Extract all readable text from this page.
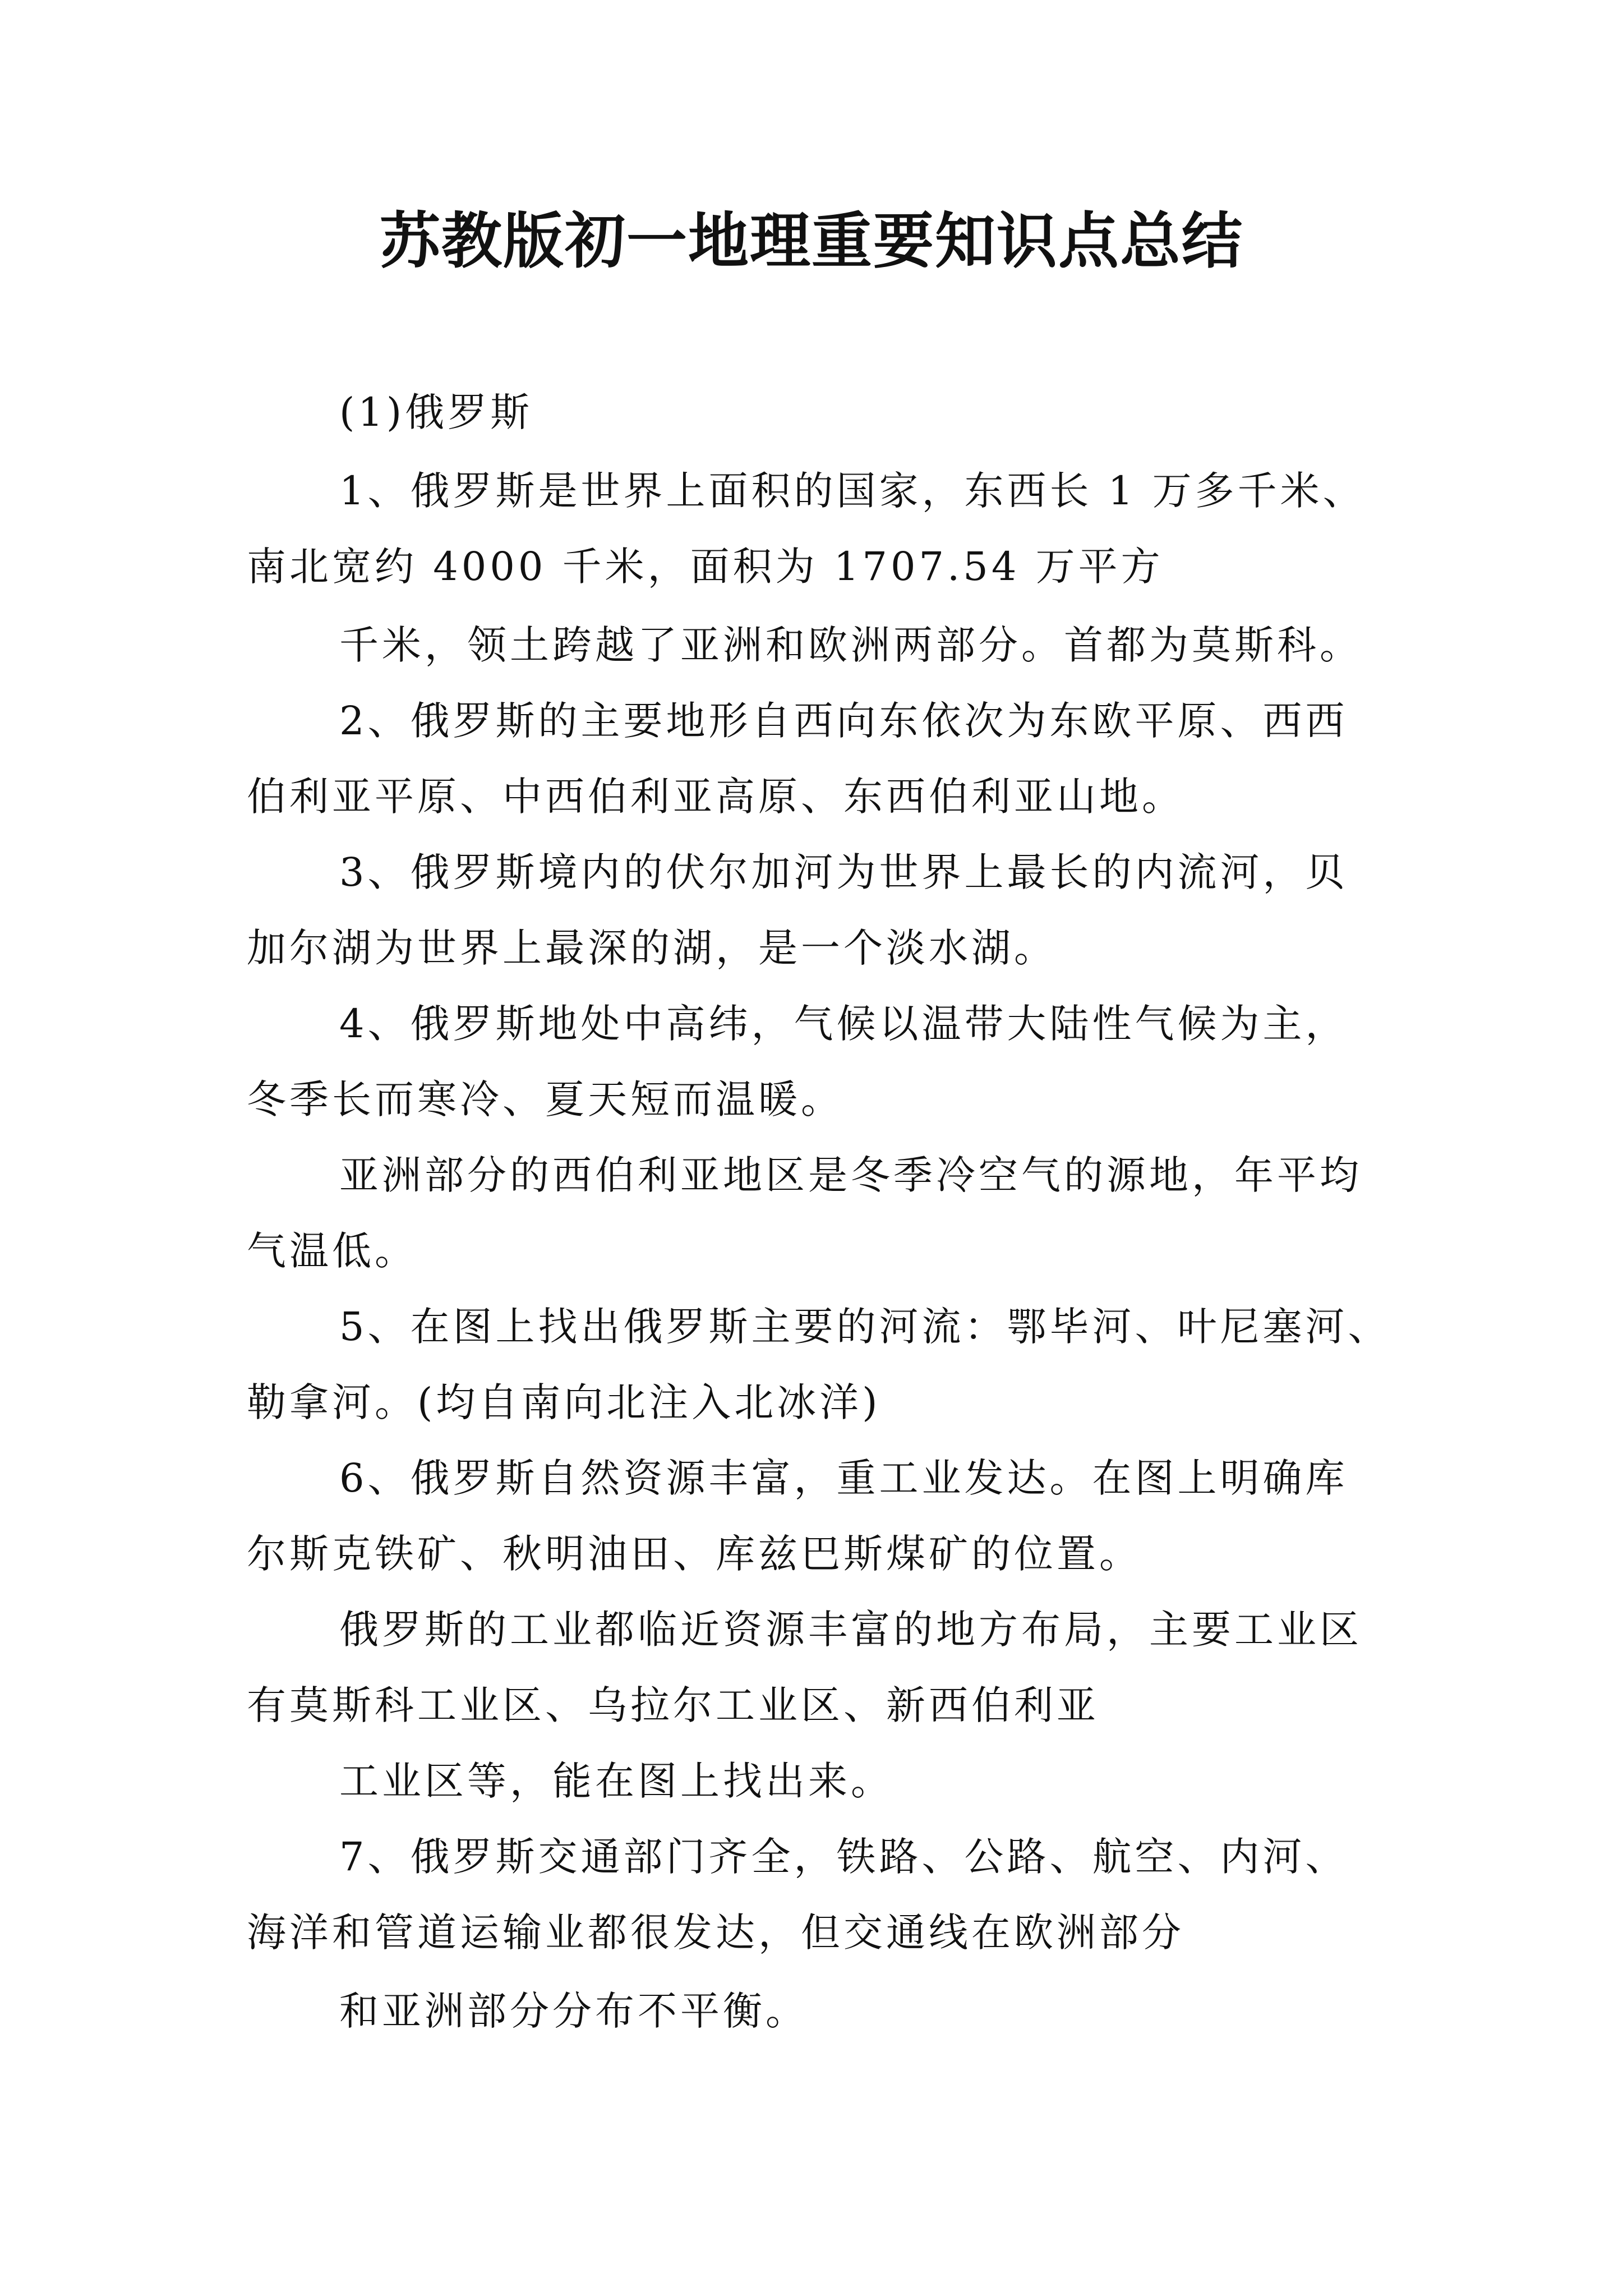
苏教版初一地理重要知识点总结
(1)俄罗斯
1、俄罗斯是世界上面积的国家，东西长 1 万多千米、
南北宽约 4000 千米，面积为 1707.54 万平方
千米，领土跨越了亚洲和欧洲两部分。首都为莫斯科。
2、俄罗斯的主要地形自西向东依次为东欧平原、西西
伯利亚平原、中西伯利亚高原、东西伯利亚山地。
3、俄罗斯境内的伏尔加河为世界上最长的内流河，贝
加尔湖为世界上最深的湖，是一个淡水湖。
4、俄罗斯地处中高纬，气候以温带大陆性气候为主，
冬季长而寒冷、夏天短而温暖。
亚洲部分的西伯利亚地区是冬季冷空气的源地，年平均
气温低。
5、在图上找出俄罗斯主要的河流：鄂毕河、叶尼塞河、
勒拿河。(均自南向北注入北冰洋)
6、俄罗斯自然资源丰富，重工业发达。在图上明确库
尔斯克铁矿、秋明油田、库兹巴斯煤矿的位置。
俄罗斯的工业都临近资源丰富的地方布局，主要工业区
有莫斯科工业区、乌拉尔工业区、新西伯利亚
工业区等，能在图上找出来。
7、俄罗斯交通部门齐全，铁路、公路、航空、内河、
海洋和管道运输业都很发达，但交通线在欧洲部分
和亚洲部分分布不平衡。
